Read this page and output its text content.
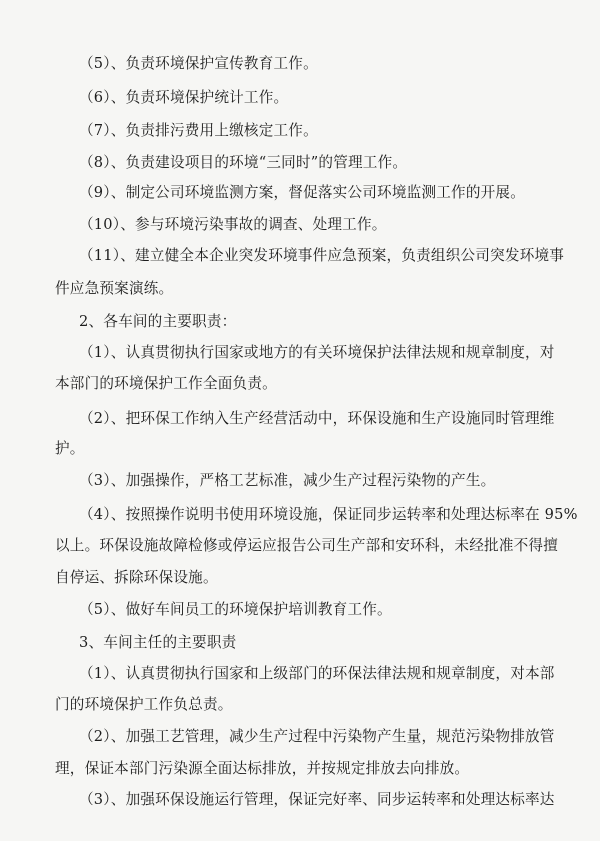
（5）、负责环境保护宣传教育工作。
（6）、负责环境保护统计工作。
（7）、负责排污费用上缴核定工作。
（8）、负责建设项目的环境“三同时”的管理工作。
（9）、制定公司环境监测方案，督促落实公司环境监测工作的开展。
（10）、参与环境污染事故的调查、处理工作。
（11）、建立健全本企业突发环境事件应急预案，负责组织公司突发环境事
件应急预案演练。
2、各车间的主要职责：
（1）、认真贯彻执行国家或地方的有关环境保护法律法规和规章制度，对
本部门的环境保护工作全面负责。
（2）、把环保工作纳入生产经营活动中，环保设施和生产设施同时管理维
护。
（3）、加强操作，严格工艺标准，减少生产过程污染物的产生。
（4）、按照操作说明书使用环境设施，保证同步运转率和处理达标率在 95%
以上。环保设施故障检修或停运应报告公司生产部和安环科，未经批准不得擅
自停运、拆除环保设施。
（5）、做好车间员工的环境保护培训教育工作。
3、车间主任的主要职责
（1）、认真贯彻执行国家和上级部门的环保法律法规和规章制度，对本部
门的环境保护工作负总责。
（2）、加强工艺管理，减少生产过程中污染物产生量，规范污染物排放管
理，保证本部门污染源全面达标排放，并按规定排放去向排放。
（3）、加强环保设施运行管理，保证完好率、同步运转率和处理达标率达
